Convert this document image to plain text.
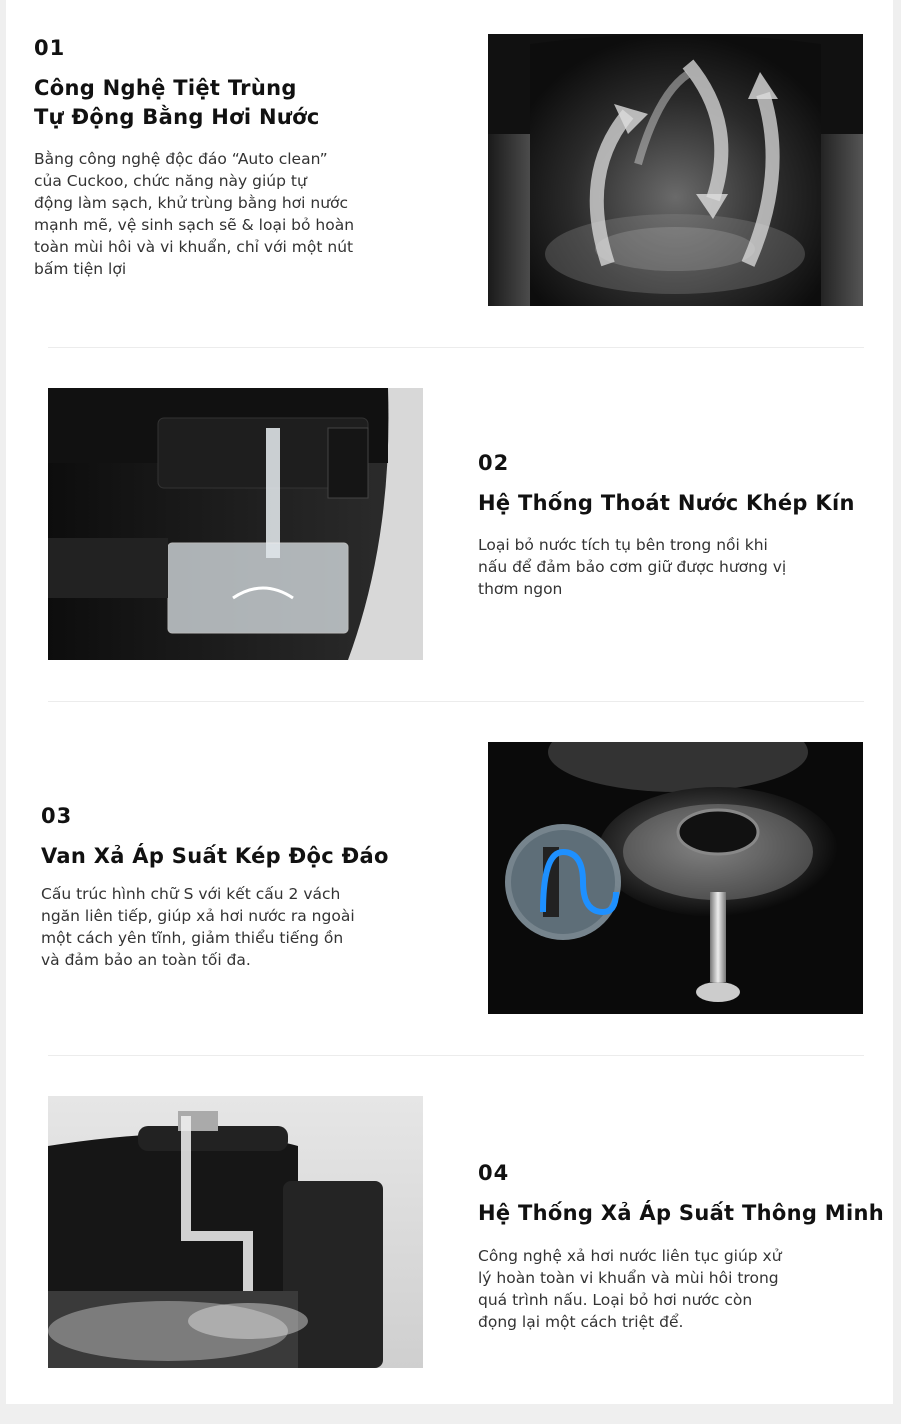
01
Công Nghệ Tiệt Trùng
Tự Động Bằng Hơi Nước
Bằng công nghệ độc đáo “Auto clean”
của Cuckoo, chức năng này giúp tự
động làm sạch, khử trùng bằng hơi nước
mạnh mẽ, vệ sinh sạch sẽ & loại bỏ hoàn
toàn mùi hôi và vi khuẩn, chỉ với một nút
bấm tiện lợi
02
Hệ Thống Thoát Nước Khép Kín
Loại bỏ nước tích tụ bên trong nồi khi
nấu để đảm bảo cơm giữ được hương vị
thơm ngon
03
Van Xả Áp Suất Kép Độc Đáo
Cấu trúc hình chữ S với kết cấu 2 vách
ngăn liên tiếp, giúp xả hơi nước ra ngoài
một cách yên tĩnh, giảm thiểu tiếng ồn
và đảm bảo an toàn tối đa.
04
Hệ Thống Xả Áp Suất Thông Minh
Công nghệ xả hơi nước liên tục giúp xử
lý hoàn toàn vi khuẩn và mùi hôi trong
quá trình nấu. Loại bỏ hơi nước còn
đọng lại một cách triệt để.
